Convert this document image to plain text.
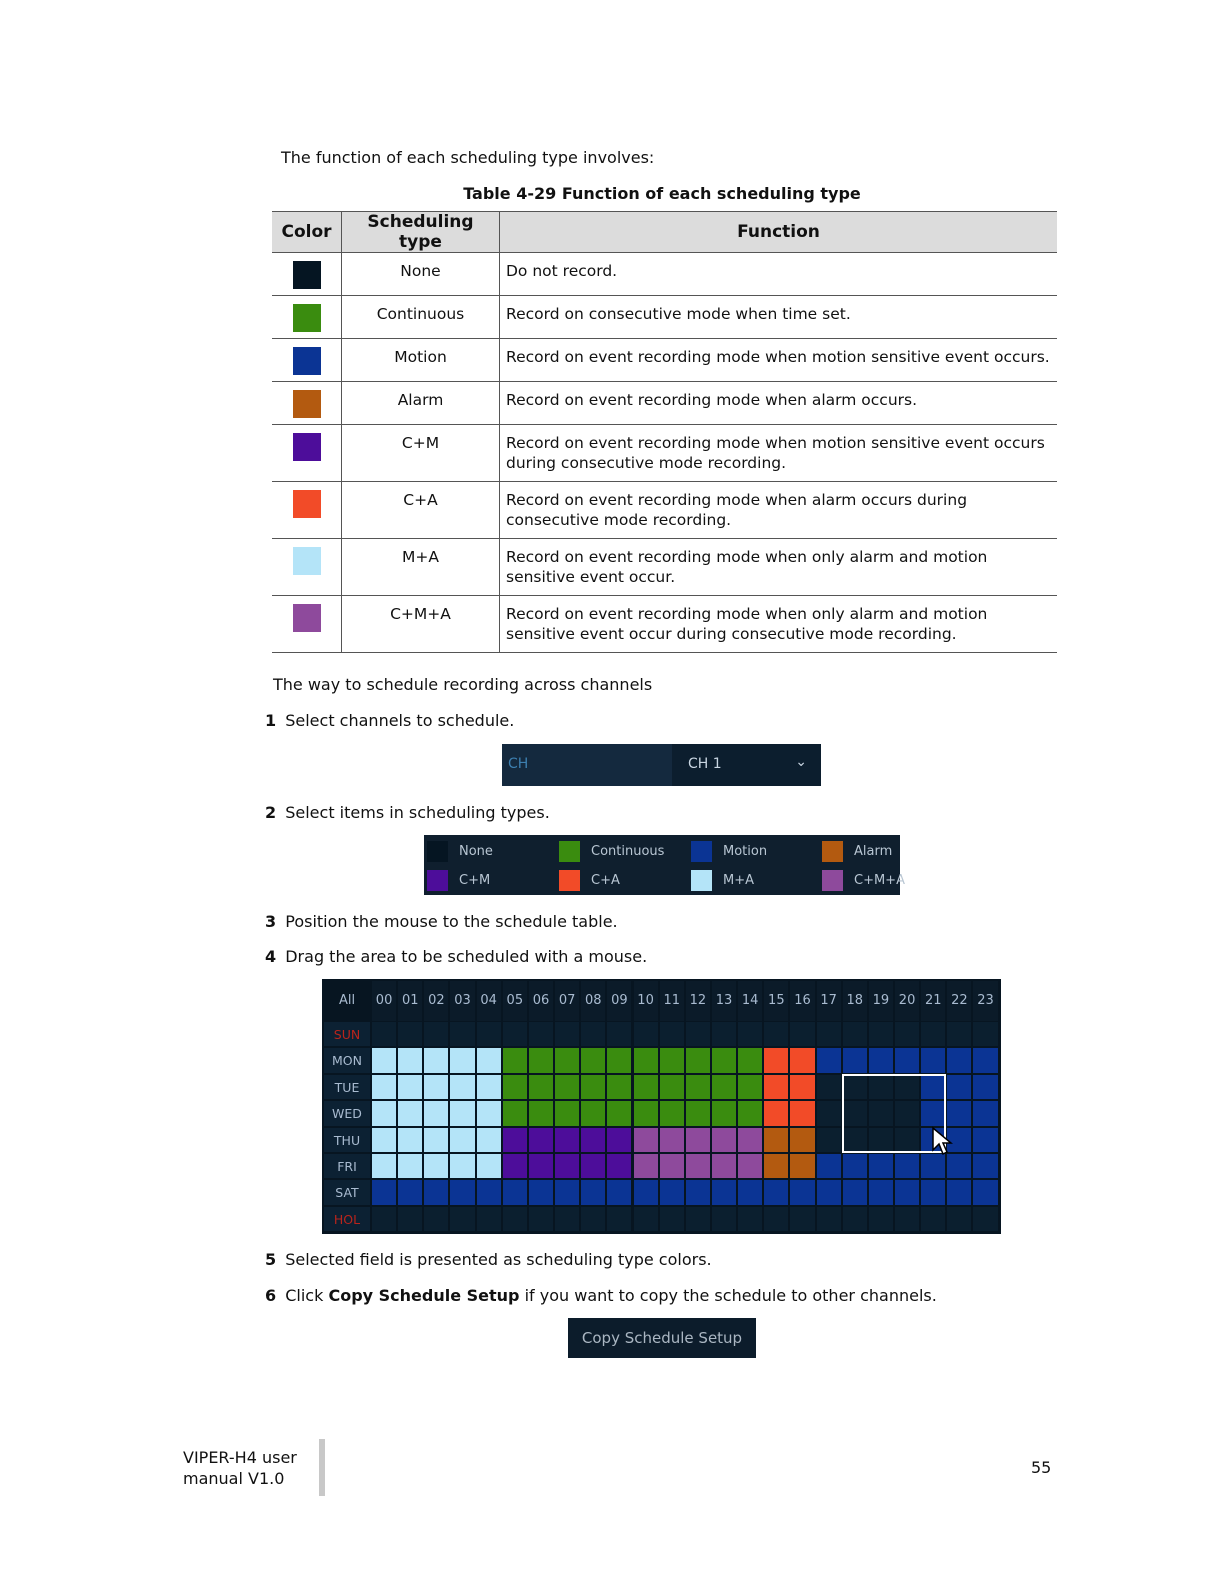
The function of each scheduling type involves:
Table 4-29 Function of each scheduling type
Color	Scheduling type	Function

	None	Do not record.

	Continuous	Record on consecutive mode when time set.

	Motion	Record on event recording mode when motion sensitive event occurs.

	Alarm	Record on event recording mode when alarm occurs.

	C+M	Record on event recording mode when motion sensitive event occurs during consecutive mode recording.

	C+A	Record on event recording mode when alarm occurs during consecutive mode recording.

	M+A	Record on event recording mode when only alarm and motion sensitive event occur.

	C+M+A	Record on event recording mode when only alarm and motion sensitive event occur during consecutive mode recording.
The way to schedule recording across channels
1 Select channels to schedule.
CH	CH 1	⌄
2 Select items in scheduling types.
None	Continuous	Motion	Alarm
C+M	C+A	M+A	C+M+A
3 Position the mouse to the schedule table.
4 Drag the area to be scheduled with a mouse.
All	00 01 02 03 04 05 06 07 08 09 10 11 12 13 14 15 16 17 18 19 20 21 22 23
SUN
MON
TUE
WED
THU
FRI
SAT
HOL
5 Selected field is presented as scheduling type colors.
6 Click Copy Schedule Setup if you want to copy the schedule to other channels.
Copy Schedule Setup
VIPER-H4 user
manual V1.0
55
